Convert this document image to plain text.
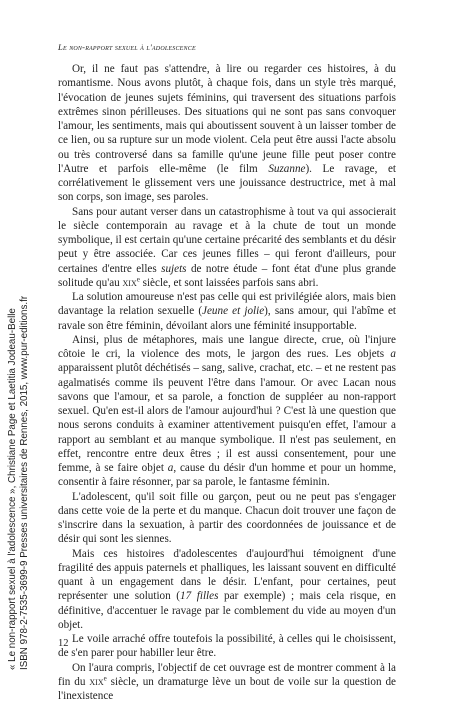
Le non-rapport sexuel à l'adolescence

Or, il ne faut pas s'attendre, à lire ou regarder ces histoires, à du romantisme. Nous avons plutôt, à chaque fois, dans un style très marqué, l'évocation de jeunes sujets féminins, qui traversent des situations parfois extrêmes sinon périlleuses. Des situations qui ne sont pas sans convoquer l'amour, les sentiments, mais qui aboutissent souvent à un laisser tomber de ce lien, ou sa rupture sur un mode violent. Cela peut être aussi l'acte absolu ou très controversé dans sa famille qu'une jeune fille peut poser contre l'Autre et parfois elle-même (le film Suzanne). Le ravage, et corrélativement le glissement vers une jouissance destructrice, met à mal son corps, son image, ses paroles.

Sans pour autant verser dans un catastrophisme à tout va qui associerait le siècle contemporain au ravage et à la chute de tout un monde symbolique, il est certain qu'une certaine précarité des semblants et du désir peut y être associée. Car ces jeunes filles – qui feront d'ailleurs, pour certaines d'entre elles sujets de notre étude – font état d'une plus grande solitude qu'au xix$^e$ siècle, et sont laissées parfois sans abri.

La solution amoureuse n'est pas celle qui est privilégiée alors, mais bien davantage la relation sexuelle (Jeune et jolie), sans amour, qui l'abîme et ravale son être féminin, dévoilant alors une féminité insupportable.

Ainsi, plus de métaphores, mais une langue directe, crue, où l'injure côtoie le cri, la violence des mots, le jargon des rues. Les objets a apparaissent plutôt déchétisés – sang, salive, crachat, etc. – et ne restent pas agalmatisés comme ils peuvent l'être dans l'amour. Or avec Lacan nous savons que l'amour, et sa parole, a fonction de suppléer au non-rapport sexuel. Qu'en est-il alors de l'amour aujourd'hui ? C'est là une question que nous serons conduits à examiner attentivement puisqu'en effet, l'amour a rapport au semblant et au manque symbolique. Il n'est pas seulement, en effet, rencontre entre deux êtres ; il est aussi consentement, pour une femme, à se faire objet a, cause du désir d'un homme et pour un homme, consentir à faire résonner, par sa parole, le fantasme féminin.

L'adolescent, qu'il soit fille ou garçon, peut ou ne peut pas s'engager dans cette voie de la perte et du manque. Chacun doit trouver une façon de s'inscrire dans la sexuation, à partir des coordonnées de jouissance et de désir qui sont les siennes.

Mais ces histoires d'adolescentes d'aujourd'hui témoignent d'une fragilité des appuis paternels et phalliques, les laissant souvent en difficulté quant à un engagement dans le désir. L'enfant, pour certaines, peut représenter une solution (17 filles par exemple) ; mais cela risque, en définitive, d'accentuer le ravage par le comblement du vide au moyen d'un objet.

Le voile arraché offre toutefois la possibilité, à celles qui le choisissent, de s'en parer pour habiller leur être.

On l'aura compris, l'objectif de cet ouvrage est de montrer comment à la fin du xix$^e$ siècle, un dramaturge lève un bout de voile sur la question de l'inexistence

12
« Le non-rapport sexuel à l'adolescence », Christiane Page et Laetitia Jodeau-Belle ISBN 978-2-7535-3699-9 Presses universitaires de Rennes, 2015, www.pur-editions.fr
